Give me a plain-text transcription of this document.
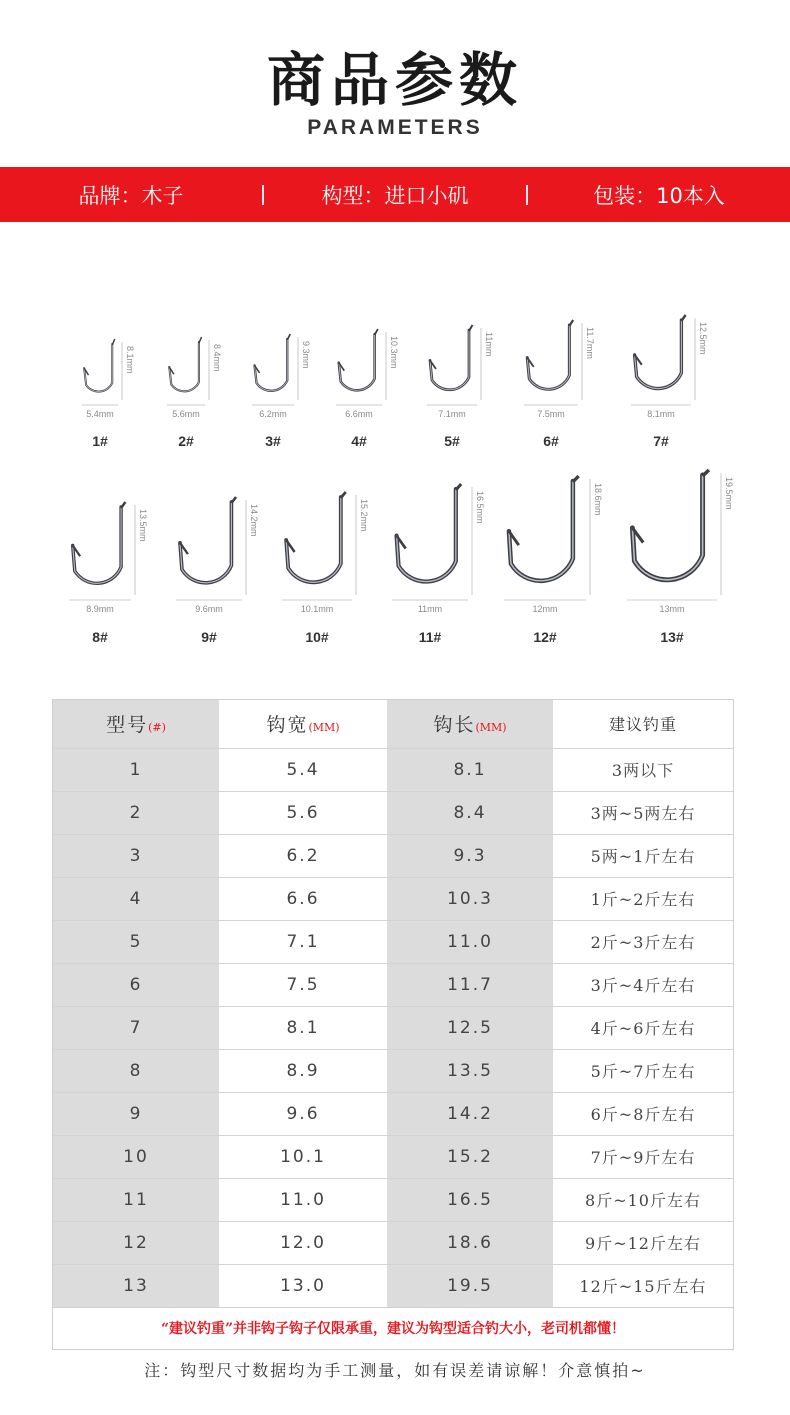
商品参数
PARAMETERS
品牌：木子	构型：进口小矶	包装：10本入
8.1mm
5.4mm
1#
8.4mm
5.6mm
2#
9.3mm
6.2mm
3#
10.3mm
6.6mm
4#
11mm
7.1mm
5#
11.7mm
7.5mm
6#
12.5mm
8.1mm
7#
13.5mm
8.9mm
8#
14.2mm
9.6mm
9#
15.2mm
10.1mm
10#
16.5mm
11mm
11#
18.6mm
12mm
12#
19.5mm
13mm
13#
型号(#)	钩宽(MM)	钩长(MM)	建议钓重
1	5.4	8.1	3两以下
2	5.6	8.4	3两~5两左右
3	6.2	9.3	5两~1斤左右
4	6.6	10.3	1斤~2斤左右
5	7.1	11.0	2斤~3斤左右
6	7.5	11.7	3斤~4斤左右
7	8.1	12.5	4斤~6斤左右
8	8.9	13.5	5斤~7斤左右
9	9.6	14.2	6斤~8斤左右
10	10.1	15.2	7斤~9斤左右
11	11.0	16.5	8斤~10斤左右
12	12.0	18.6	9斤~12斤左右
13	13.0	19.5	12斤~15斤左右
“建议钓重”并非钩子钩子仅限承重，建议为钩型适合钓大小，老司机都懂！
注：钩型尺寸数据均为手工测量，如有误差请谅解！介意慎拍~
